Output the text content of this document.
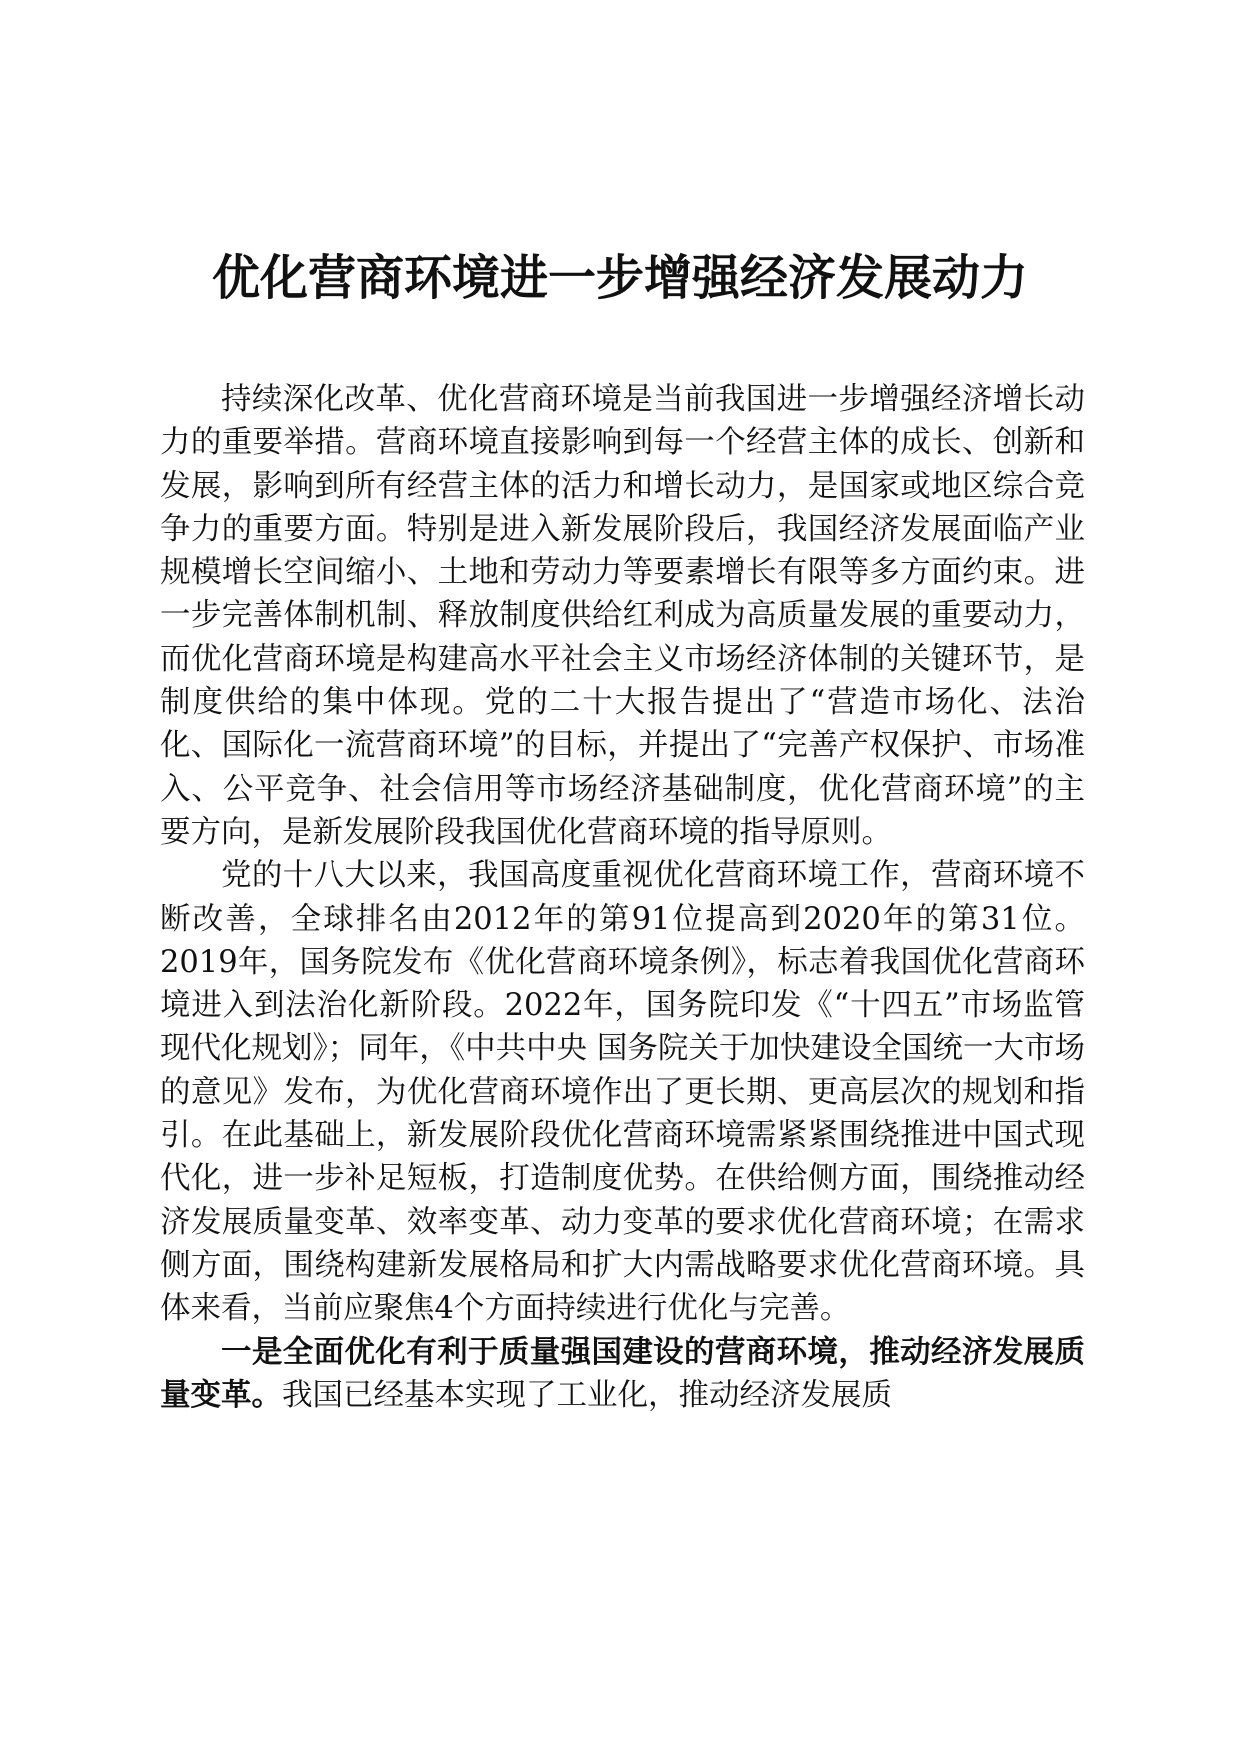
优化营商环境进一步增强经济发展动力

持续深化改革、优化营商环境是当前我国进一步增强经济增长动力的重要举措。营商环境直接影响到每一个经营主体的成长、创新和发展，影响到所有经营主体的活力和增长动力，是国家或地区综合竞争力的重要方面。特别是进入新发展阶段后，我国经济发展面临产业规模增长空间缩小、土地和劳动力等要素增长有限等多方面约束。进一步完善体制机制、释放制度供给红利成为高质量发展的重要动力，而优化营商环境是构建高水平社会主义市场经济体制的关键环节，是制度供给的集中体现。党的二十大报告提出了“营造市场化、法治化、国际化一流营商环境”的目标，并提出了“完善产权保护、市场准入、公平竞争、社会信用等市场经济基础制度，优化营商环境”的主要方向，是新发展阶段我国优化营商环境的指导原则。

党的十八大以来，我国高度重视优化营商环境工作，营商环境不断改善，全球排名由2012年的第91位提高到2020年的第31位。2019年，国务院发布《优化营商环境条例》，标志着我国优化营商环境进入到法治化新阶段。2022年，国务院印发《“十四五”市场监管现代化规划》；同年，《中共中央 国务院关于加快建设全国统一大市场的意见》发布，为优化营商环境作出了更长期、更高层次的规划和指引。在此基础上，新发展阶段优化营商环境需紧紧围绕推进中国式现代化，进一步补足短板，打造制度优势。在供给侧方面，围绕推动经济发展质量变革、效率变革、动力变革的要求优化营商环境；在需求侧方面，围绕构建新发展格局和扩大内需战略要求优化营商环境。具体来看，当前应聚焦4个方面持续进行优化与完善。

一是全面优化有利于质量强国建设的营商环境，推动经济发展质量变革。我国已经基本实现了工业化，推动经济发展质
